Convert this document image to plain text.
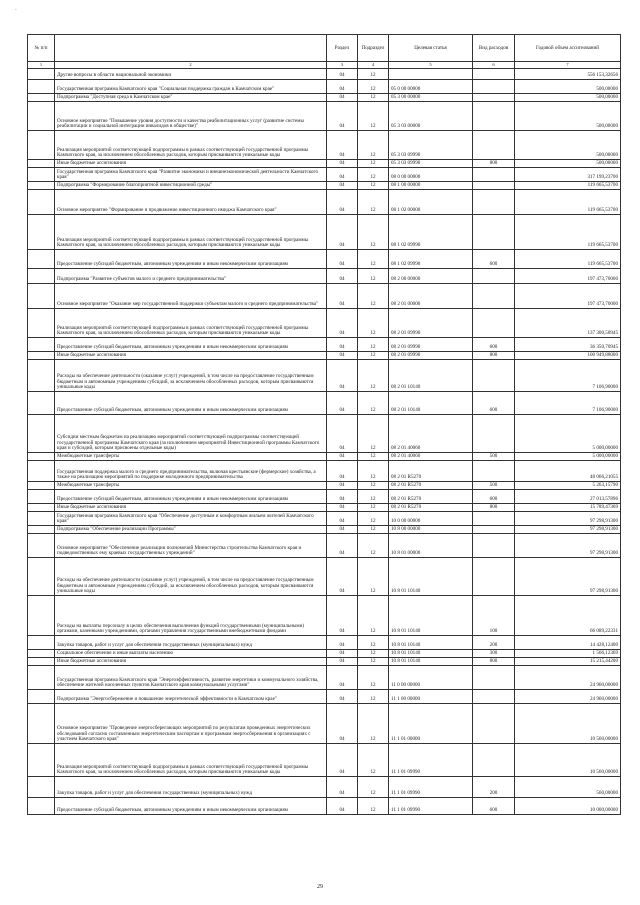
-
№ п/п		Раздел	Подраздел	Целевая статья	Вид расходов	Годовой объем ассигнований
1	2	3	4	5	6	7
	Другие вопросы в области национальной экономики	04	12			556 153,32656
	Государственная программа Камчатского края "Социальная поддержка граждан в Камчатском крае"	04	12	05 0 00 00000		500,00000
	Подпрограмма "Доступная среда в Камчатском крае"	04	12	05 3 00 00000		500,00000
	Основное мероприятие "Повышение уровня доступности и качества реабилитационных услуг (развитие системы реабилитации и социальной интеграции инвалидов в обществе)"	04	12	05 3 03 00000		500,00000
	Реализация мероприятий соответствующей подпрограммы в рамках соответствующей государственной программы Камчатского края, за исключением обособленных расходов, которым присваиваются уникальные коды	04	12	05 3 03 09990		500,00000
	Иные бюджетные ассигнования	04	12	05 3 03 09990	800	500,00000
	Государственная программа Камчатского края "Развитие экономики и внешнеэкономической деятельности Камчатского края"	04	12	08 0 00 00000		317 199,23700
	Подпрограмма "Формирование благоприятной инвестиционной среды"	04	12	08 1 00 00000		119 665,53700
	Основное мероприятие "Формирование и продвижение инвестиционного имиджа Камчатского края"	04	12	08 1 02 00000		119 665,53700
	Реализация мероприятий соответствующей подпрограммы в рамках соответствующей государственной программы Камчатского края, за исключением обособленных расходов, которым присваиваются уникальные коды	04	12	08 1 02 09990		119 665,53700
	Предоставление субсидий бюджетным, автономным учреждениям и иным некоммерческим организациям	04	12	08 1 02 09990	600	119 665,53700
	Подпрограмма "Развитие субъектов малого и среднего предпринимательства"	04	12	08 2 00 00000		197 473,70000
	Основное мероприятие "Оказание мер государственной поддержки субъектам малого и среднего предпринимательства"	04	12	08 2 01 00000		197 473,70000
	Реализация мероприятий соответствующей подпрограммы в рамках соответствующей государственной программы Камчатского края, за исключением обособленных расходов, которым присваиваются уникальные коды	04	12	08 2 01 09990		137 300,58945
	Предоставление субсидий бюджетным, автономным учреждениям и иным некоммерческим организациям	04	12	08 2 01 09990	600	36 350,70945
	Иные бюджетные ассигнования	04	12	08 2 01 09990	800	100 949,88000
	Расходы на обеспечение деятельности (оказание услуг) учреждений, в том числе на предоставление государственным бюджетным и автономным учреждениям субсидий, за исключением обособленных расходов, которым присваиваются уникальные коды	04	12	08 2 01 10140		7 106,90000
	Предоставление субсидий бюджетным, автономным учреждениям и иным некоммерческим организациям	04	12	08 2 01 10140	600	7 106,90000
	Субсидии местным бюджетам на реализацию мероприятий соответствующей подпрограммы соответствующей государственной программы Камчатского края (за исключением мероприятий Инвестиционной программы Камчатского края и субсидий, которым присвоены отдельные коды)	04	12	08 2 01 40060		5 000,00000
	Межбюджетные трансферты	04	12	08 2 01 40060	500	5 000,00000
	Государственная поддержка малого и среднего предпринимательства, включая крестьянские (фермерские) хозяйства, а также на реализацию мероприятий по поддержке молодежного предпринимательства	04	12	08 2 01 R5270		48 066,21055
	Межбюджетные трансферты	04	12	08 2 01 R5270	500	5 263,15790
	Предоставление субсидий бюджетным, автономным учреждениям и иным некоммерческим организациям	04	12	08 2 01 R5270	600	27 013,57896
	Иные бюджетные ассигнования	04	12	08 2 01 R5270	800	15 789,47369
	Государственная программа Камчатского края "Обеспечение доступным и комфортным жильем жителей Камчатского края"	04	12	10 0 00 00000		97 298,91300
	Подпрограмма "Обеспечение реализации Программы"	04	12	10 8 00 00000		97 298,91300
	Основное мероприятие "Обеспечение реализации полномочий Министерства строительства Камчатского края и подведомственных ему краевых государственных учреждений"	04	12	10 8 01 00000		97 298,91300
	Расходы на обеспечение деятельности (оказание услуг) учреждений, в том числе на предоставление государственным бюджетным и автономным учреждениям субсидий, за исключением обособленных расходов, которым присваиваются уникальные коды	04	12	10 8 01 10140		97 298,91300
	Расходы на выплаты персоналу в целях обеспечения выполнения функций государственными (муниципальными) органами, казенными учреждениями, органами управления государственными внебюджетными фондами	04	12	10 8 01 10140	100	66 089,22331
	Закупка товаров, работ и услуг для обеспечения государственных (муниципальных) нужд	04	12	10 8 01 10140	200	14 428,12400
	Социальное обеспечение и иные выплаты населению	04	12	10 8 01 10140	300	1 566,12369
	Иные бюджетные ассигнования	04	12	10 8 01 10140	800	15 215,44200
	Государственная программа Камчатского края "Энергоэффективность, развитие энергетики и коммунального хозяйства, обеспечение жителей населенных пунктов Камчатского края коммунальными услугами"	04	12	11 0 00 00000		24 960,00000
	Подпрограмма "Энергосбережение и повышение энергетической эффективности в Камчатском крае"	04	12	11 1 00 00000		24 960,00000
	Основное мероприятие "Проведение энергосберегающих мероприятий по результатам проведенных энергетических обследований согласно составленным энергетическим паспортам и программам энергосбережения в организациях с участием Камчатского края"	04	12	11 1 01 00000		10 560,00000
	Реализация мероприятий соответствующей подпрограммы в рамках соответствующей государственной программы Камчатского края, за исключением обособленных расходов, которым присваиваются уникальные коды	04	12	11 1 01 09990		10 560,00000
	Закупка товаров, работ и услуг для обеспечения государственных (муниципальных) нужд	04	12	11 1 01 09990	200	560,00000
	Предоставление субсидий бюджетным, автономным учреждениям и иным некоммерческим организациям	04	12	11 1 01 09990	600	10 000,00000
29
